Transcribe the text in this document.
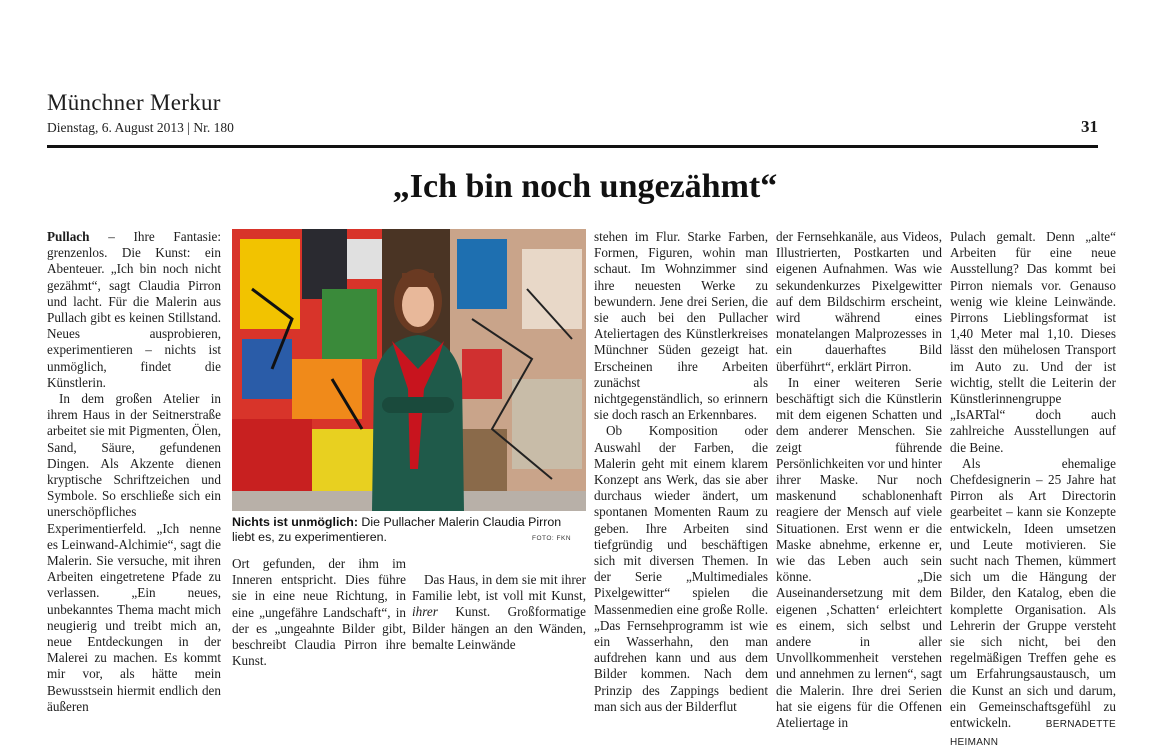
Münchner Merkur
Dienstag, 6. August 2013 | Nr. 180	31
„Ich bin noch ungezähmt“

Pullach – Ihre Fantasie: grenzenlos. Die Kunst: ein Abenteuer. „Ich bin noch nicht gezähmt“, sagt Claudia Pirron und lacht. Für die Malerin aus Pullach gibt es keinen Stillstand. Neues ausprobieren, experimentieren – nichts ist unmöglich, findet die Künstlerin.

In dem großen Atelier in ihrem Haus in der Seitnerstraße arbeitet sie mit Pigmenten, Ölen, Sand, Säure, gefundenen Dingen. Als Akzente dienen kryptische Schriftzeichen und Symbole. So erschließe sich ein unerschöpfliches Experimentierfeld. „Ich nenne es Leinwand-Alchimie“, sagt die Malerin. Sie versuche, mit ihren Arbeiten eingetretene Pfade zu verlassen. „Ein neues, unbekanntes Thema macht mich neugierig und treibt mich an, neue Entdeckungen in der Malerei zu machen. Es kommt mir vor, als hätte mein Bewusstsein hiermit endlich den äußeren

Nichts ist unmöglich: Die Pullacher Malerin Claudia Pirron liebt es, zu experimentieren.	FOTO: FKN

Ort gefunden, der ihm im Inneren entspricht. Dies führe sie in eine neue Richtung, in eine „ungefähre Landschaft“, in der es „ungeahnte Bilder gibt, beschreibt Claudia Pirron ihre Kunst.

Das Haus, in dem sie mit ihrer Familie lebt, ist voll mit Kunst, ihrer Kunst. Großformatige Bilder hängen an den Wänden, bemalte Leinwände

stehen im Flur. Starke Farben, Formen, Figuren, wohin man schaut. Im Wohnzimmer sind ihre neuesten Werke zu bewundern. Jene drei Serien, die sie auch bei den Pullacher Ateliertagen des Künstlerkreises Münchner Süden gezeigt hat. Erscheinen ihre Arbeiten zunächst als nichtgegenständlich, so erinnern sie doch rasch an Erkennbares.

Ob Komposition oder Auswahl der Farben, die Malerin geht mit einem klarem Konzept ans Werk, das sie aber durchaus wieder ändert, um spontanen Momenten Raum zu geben. Ihre Arbeiten sind tiefgründig und beschäftigen sich mit diversen Themen. In der Serie „Multimediales Pixelgewitter“ spielen die Massenmedien eine große Rolle. „Das Fernsehprogramm ist wie ein Wasserhahn, den man aufdrehen kann und aus dem Bilder kommen. Nach dem Prinzip des Zappings bedient man sich aus der Bilderflut

der Fernsehkanäle, aus Videos, Illustrierten, Postkarten und eigenen Aufnahmen. Was wie sekundenkurzes Pixelgewitter auf dem Bildschirm erscheint, wird während eines monatelangen Malprozesses in ein dauerhaftes Bild überführt“, erklärt Pirron.

In einer weiteren Serie beschäftigt sich die Künstlerin mit dem eigenen Schatten und dem anderer Menschen. Sie zeigt führende Persönlichkeiten vor und hinter ihrer Maske. Nur noch maskenund schablonenhaft reagiere der Mensch auf viele Situationen. Erst wenn er die Maske abnehme, erkenne er, wie das Leben auch sein könne. „Die Auseinandersetzung mit dem eigenen ‚Schatten‘ erleichtert es einem, sich selbst und andere in aller Unvollkommenheit verstehen und annehmen zu lernen“, sagt die Malerin. Ihre drei Serien hat sie eigens für die Offenen Ateliertage in

Pulach gemalt. Denn „alte“ Arbeiten für eine neue Ausstellung? Das kommt bei Pirron niemals vor. Genauso wenig wie kleine Leinwände. Pirrons Lieblingsformat ist 1,40 Meter mal 1,10. Dieses lässt den mühelosen Transport im Auto zu. Und der ist wichtig, stellt die Leiterin der Künstlerinnengruppe „IsARTal“ doch auch zahlreiche Ausstellungen auf die Beine.

Als ehemalige Chefdesignerin – 25 Jahre hat Pirron als Art Directorin gearbeitet – kann sie Konzepte entwickeln, Ideen umsetzen und Leute motivieren. Sie sucht nach Themen, kümmert sich um die Hängung der Bilder, den Katalog, eben die komplette Organisation. Als Lehrerin der Gruppe versteht sie sich nicht, bei den regelmäßigen Treffen gehe es um Erfahrungsaustausch, um die Kunst an sich und darum, ein Gemeinschaftsgefühl zu entwickeln. BERNADETTE HEIMANN
